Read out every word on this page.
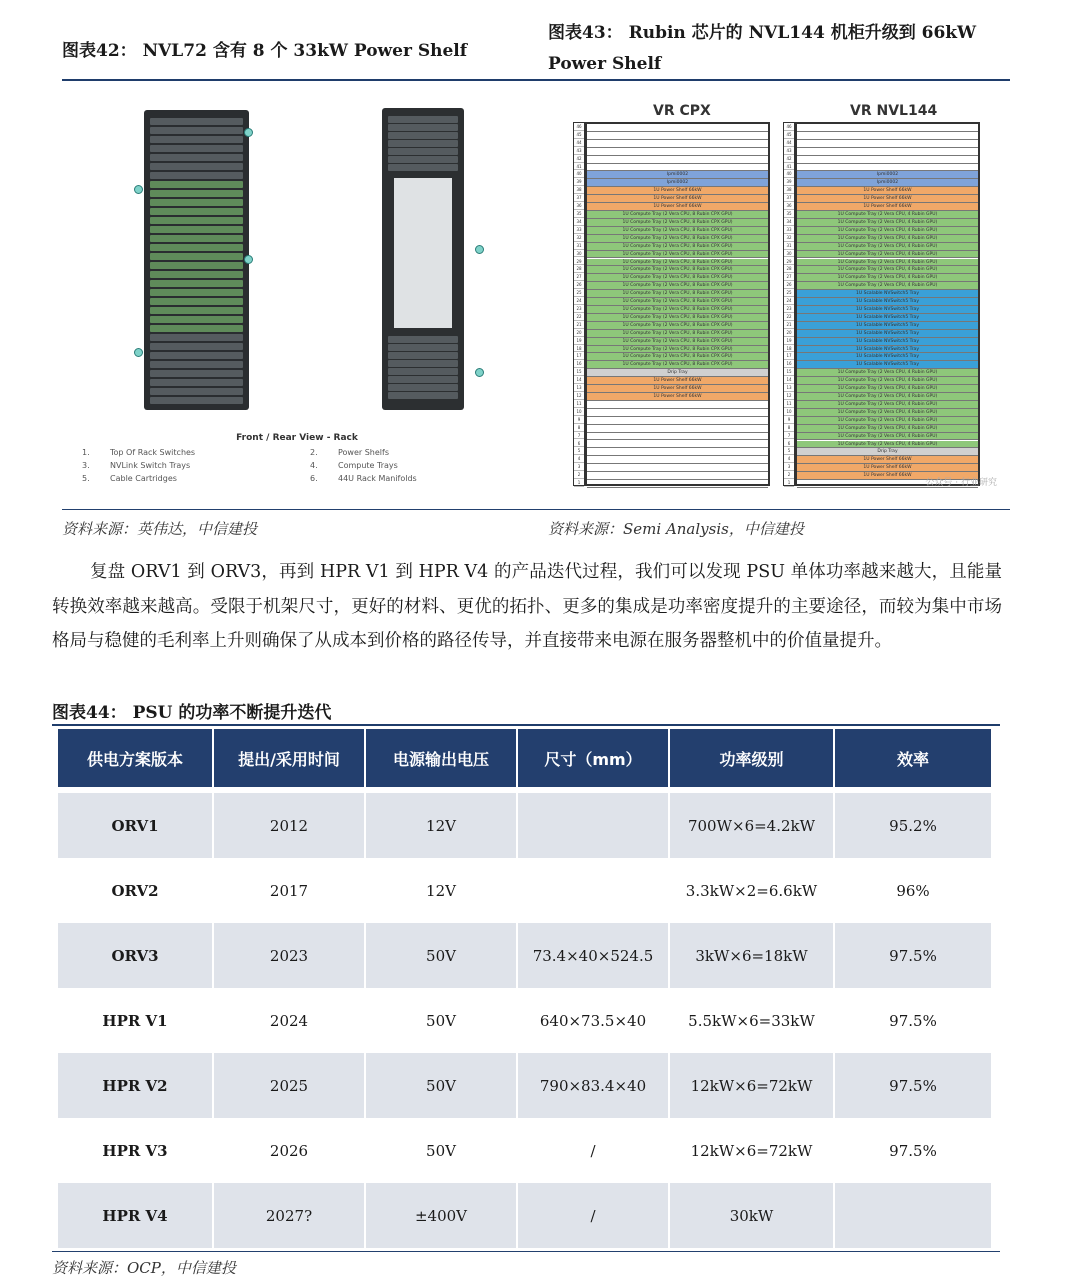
图表42： NVL72 含有 8 个 33kW Power Shelf
图表43： Rubin 芯片的 NVL144 机柜升级到 66kW Power Shelf
Front / Rear View - Rack
1.	Top Of Rack Switches	2.	Power Shelfs
3.	NVLink Switch Trays	4.	Compute Trays
5.	Cable Cartridges	6.	44U Rack Manifolds
VR CPX	VR NVL144
46
45
44
43
42
41
40
39
38
37
36
35
34
33
32
31
30
29
28
27
26
25
24
23
22
21
20
19
18
17
16
15
14
13
12
11
10
9
8
7
6
5
4
3
2
1
Ipmi0002
Ipmi0002
1U Power Shelf 66kW
1U Power Shelf 66kW
1U Power Shelf 66kW
1U Compute Tray (2 Vera CPU, 8 Rubin CPX GPU)
1U Compute Tray (2 Vera CPU, 8 Rubin CPX GPU)
1U Compute Tray (2 Vera CPU, 8 Rubin CPX GPU)
1U Compute Tray (2 Vera CPU, 8 Rubin CPX GPU)
1U Compute Tray (2 Vera CPU, 8 Rubin CPX GPU)
1U Compute Tray (2 Vera CPU, 8 Rubin CPX GPU)
1U Compute Tray (2 Vera CPU, 8 Rubin CPX GPU)
1U Compute Tray (2 Vera CPU, 8 Rubin CPX GPU)
1U Compute Tray (2 Vera CPU, 8 Rubin CPX GPU)
1U Compute Tray (2 Vera CPU, 8 Rubin CPX GPU)
1U Compute Tray (2 Vera CPU, 8 Rubin CPX GPU)
1U Compute Tray (2 Vera CPU, 8 Rubin CPX GPU)
1U Compute Tray (2 Vera CPU, 8 Rubin CPX GPU)
1U Compute Tray (2 Vera CPU, 8 Rubin CPX GPU)
1U Compute Tray (2 Vera CPU, 8 Rubin CPX GPU)
1U Compute Tray (2 Vera CPU, 8 Rubin CPX GPU)
1U Compute Tray (2 Vera CPU, 8 Rubin CPX GPU)
1U Compute Tray (2 Vera CPU, 8 Rubin CPX GPU)
1U Compute Tray (2 Vera CPU, 8 Rubin CPX GPU)
1U Compute Tray (2 Vera CPU, 8 Rubin CPX GPU)
Drip Tray
1U Power Shelf 66kW
1U Power Shelf 66kW
1U Power Shelf 66kW
46
45
44
43
42
41
40
39
38
37
36
35
34
33
32
31
30
29
28
27
26
25
24
23
22
21
20
19
18
17
16
15
14
13
12
11
10
9
8
7
6
5
4
3
2
1
Ipmi0002
Ipmi0002
1U Power Shelf 66kW
1U Power Shelf 66kW
1U Power Shelf 66kW
1U Compute Tray (2 Vera CPU, 4 Rubin GPU)
1U Compute Tray (2 Vera CPU, 4 Rubin GPU)
1U Compute Tray (2 Vera CPU, 4 Rubin GPU)
1U Compute Tray (2 Vera CPU, 4 Rubin GPU)
1U Compute Tray (2 Vera CPU, 4 Rubin GPU)
1U Compute Tray (2 Vera CPU, 4 Rubin GPU)
1U Compute Tray (2 Vera CPU, 4 Rubin GPU)
1U Compute Tray (2 Vera CPU, 4 Rubin GPU)
1U Compute Tray (2 Vera CPU, 4 Rubin GPU)
1U Compute Tray (2 Vera CPU, 4 Rubin GPU)
1U Scalable NVSwitch5 Tray
1U Scalable NVSwitch5 Tray
1U Scalable NVSwitch5 Tray
1U Scalable NVSwitch5 Tray
1U Scalable NVSwitch5 Tray
1U Scalable NVSwitch5 Tray
1U Scalable NVSwitch5 Tray
1U Scalable NVSwitch5 Tray
1U Scalable NVSwitch5 Tray
1U Scalable NVSwitch5 Tray
1U Compute Tray (2 Vera CPU, 4 Rubin GPU)
1U Compute Tray (2 Vera CPU, 4 Rubin GPU)
1U Compute Tray (2 Vera CPU, 4 Rubin GPU)
1U Compute Tray (2 Vera CPU, 4 Rubin GPU)
1U Compute Tray (2 Vera CPU, 4 Rubin GPU)
1U Compute Tray (2 Vera CPU, 4 Rubin GPU)
1U Compute Tray (2 Vera CPU, 4 Rubin GPU)
1U Compute Tray (2 Vera CPU, 4 Rubin GPU)
1U Compute Tray (2 Vera CPU, 4 Rubin GPU)
1U Compute Tray (2 Vera CPU, 4 Rubin GPU)
Drip Tray
1U Power Shelf 66kW
1U Power Shelf 66kW
1U Power Shelf 66kW
公众号 · 行业研究
资料来源：英伟达，中信建投	资料来源：Semi Analysis，中信建投
复盘 ORV1 到 ORV3，再到 HPR V1 到 HPR V4 的产品迭代过程，我们可以发现 PSU 单体功率越来越大，且能量转换效率越来越高。受限于机架尺寸，更好的材料、更优的拓扑、更多的集成是功率密度提升的主要途径，而较为集中市场格局与稳健的毛利率上升则确保了从成本到价格的路径传导，并直接带来电源在服务器整机中的价值量提升。
图表44： PSU 的功率不断提升迭代
供电方案版本	提出/采用时间	电源输出电压	尺寸（mm）	功率级别	效率
ORV1	2012	12V		700W×6=4.2kW	95.2%
ORV2	2017	12V		3.3kW×2=6.6kW	96%
ORV3	2023	50V	73.4×40×524.5	3kW×6=18kW	97.5%
HPR V1	2024	50V	640×73.5×40	5.5kW×6=33kW	97.5%
HPR V2	2025	50V	790×83.4×40	12kW×6=72kW	97.5%
HPR V3	2026	50V	/	12kW×6=72kW	97.5%
HPR V4	2027?	±400V	/	30kW	
资料来源：OCP，中信建投
